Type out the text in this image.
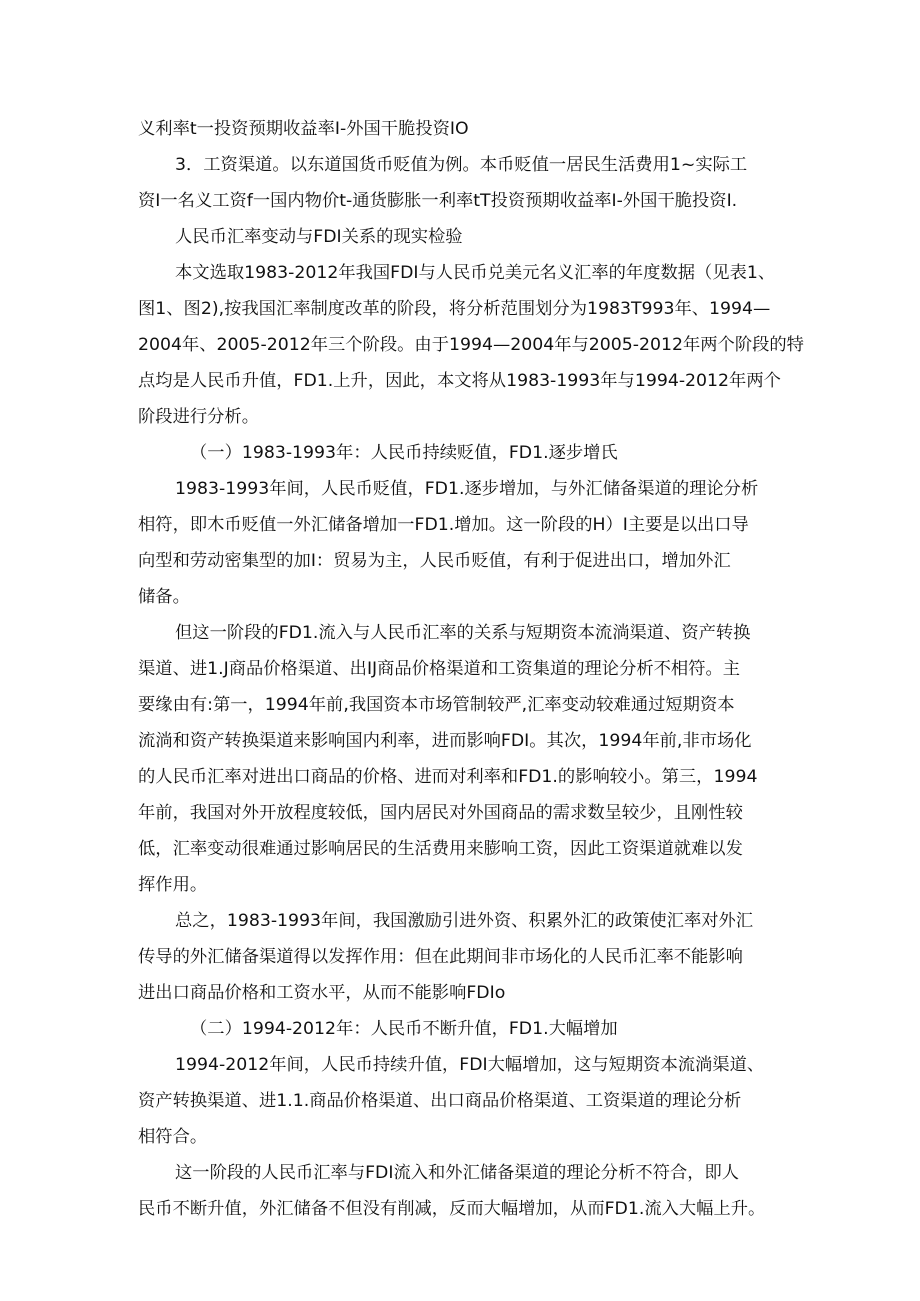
义利率t一投资预期收益率I-外国干脆投资IO
3．工资渠道。以东道国货币贬值为例。本币贬值一居民生活费用1~实际工
资I一名义工资f一国内物价t-通货膨胀一利率tT投资预期收益率I-外国干脆投资I.
人民币汇率变动与FDI关系的现实检验
本文选取1983-2012年我国FDI与人民币兑美元名义汇率的年度数据（见表1、
图1、图2),按我国汇率制度改革的阶段，将分析范围划分为1983T993年、1994—
2004年、2005-2012年三个阶段。由于1994—2004年与2005-2012年两个阶段的特
点均是人民币升值，FD1.上升，因此，本文将从1983-1993年与1994-2012年两个
阶段进行分析。
（一）1983-1993年：人民币持续贬值，FD1.逐步增氏
1983-1993年间，人民币贬值，FD1.逐步增加，与外汇储备渠道的理论分析
相符，即木币贬值一外汇储备增加一FD1.增加。这一阶段的H）I主要是以出口导
向型和劳动密集型的加I：贸易为主，人民币贬值，有利于促进出口，增加外汇
储备。
但这一阶段的FD1.流入与人民币汇率的关系与短期资本流淌渠道、资产转换
渠道、进1.J商品价格渠道、出IJ商品价格渠道和工资集道的理论分析不相符。主
要缘由有:第一，1994年前,我国资本市场管制较严,汇率变动较难通过短期资本
流淌和资产转换渠道来影响国内利率，进而影响FDI。其次，1994年前,非市场化
的人民币汇率对进出口商品的价格、进而对利率和FD1.的影响较小。第三，1994
年前，我国对外开放程度较低，国内居民对外国商品的需求数呈较少，且刚性较
低，汇率变动很难通过影响居民的生活费用来膨响工资，因此工资渠道就难以发
挥作用。
总之，1983-1993年间，我国激励引进外资、积累外汇的政策使汇率对外汇
传导的外汇储备渠道得以发挥作用：但在此期间非市场化的人民币汇率不能影响
进出口商品价格和工资水平，从而不能影响FDIo
（二）1994-2012年：人民币不断升值，FD1.大幅增加
1994-2012年间，人民币持续升值，FDI大幅增加，这与短期资本流淌渠道、
资产转换渠道、进1.1.商品价格渠道、出口商品价格渠道、工资渠道的理论分析
相符合。
这一阶段的人民币汇率与FDI流入和外汇储备渠道的理论分析不符合，即人
民币不断升值，外汇储备不但没有削减，反而大幅增加，从而FD1.流入大幅上升。
